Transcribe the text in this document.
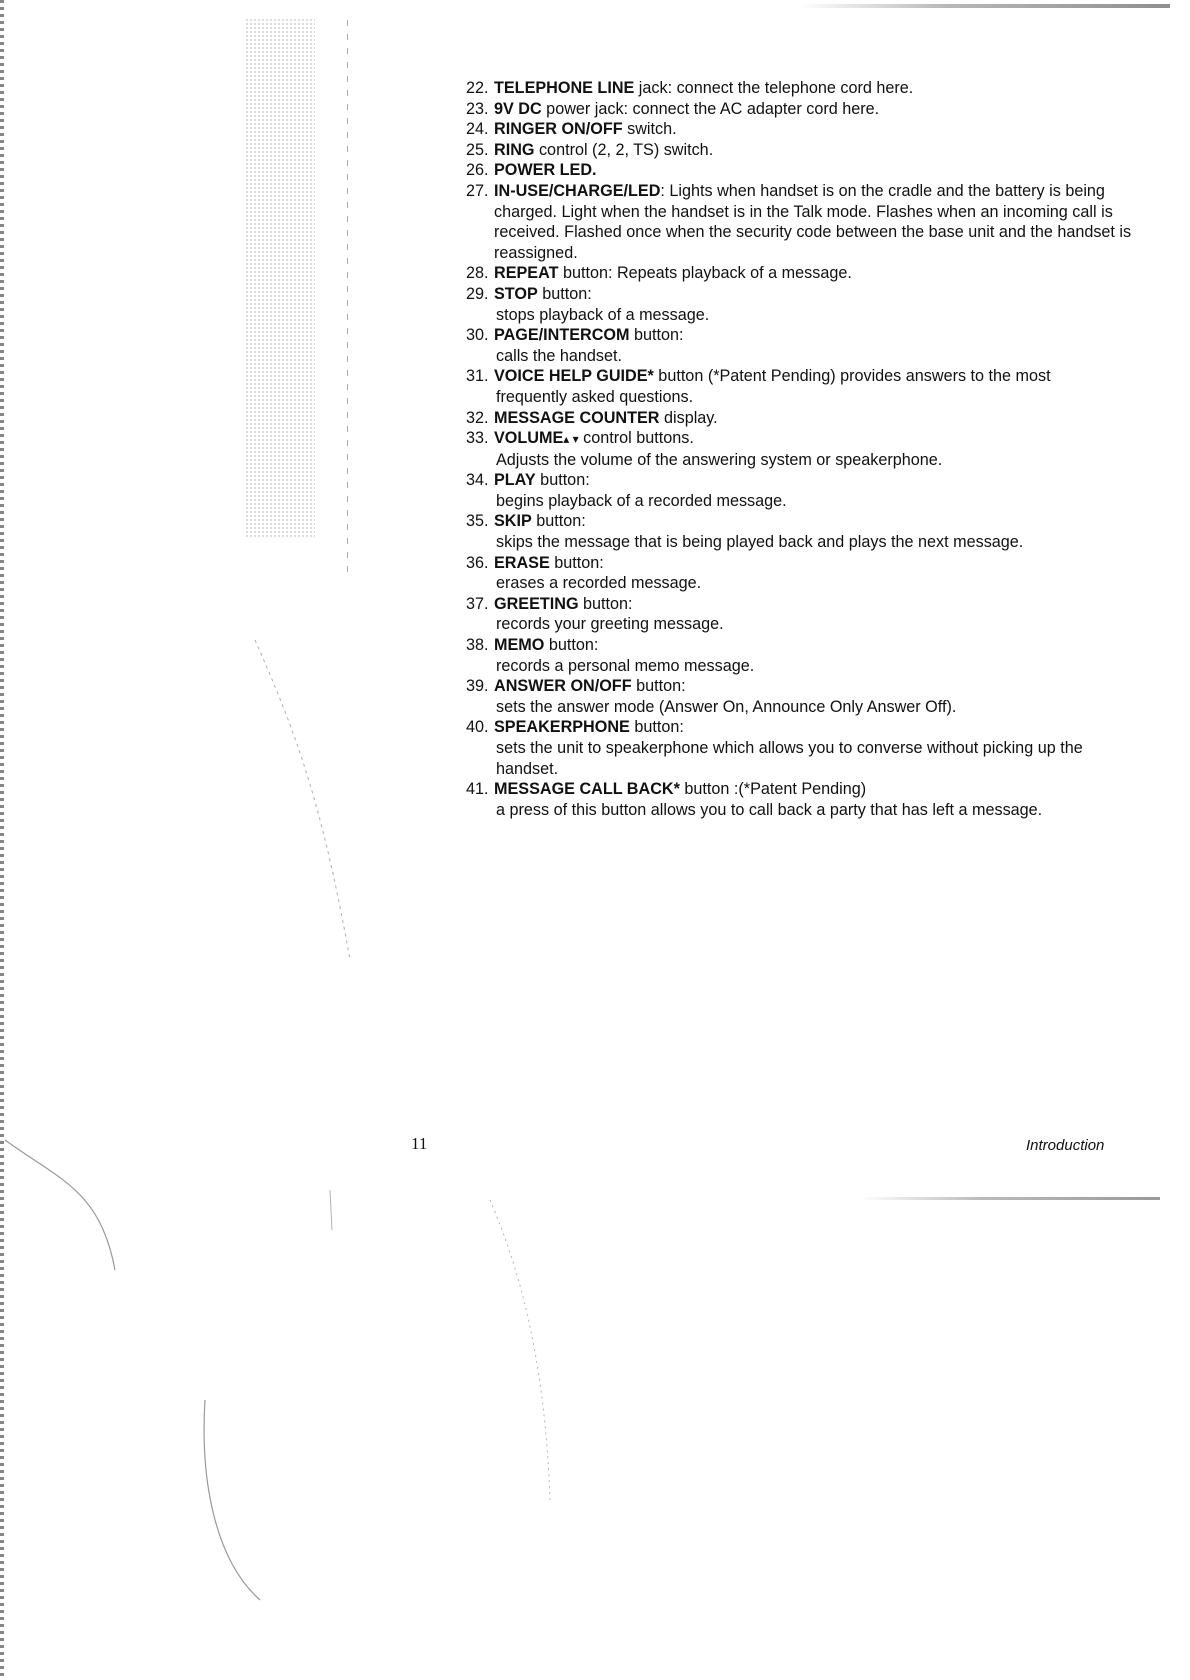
22. TELEPHONE LINE jack: connect the telephone cord here.
23. 9V DC power jack: connect the AC adapter cord here.
24. RINGER ON/OFF switch.
25. RING control (2, 2, TS) switch.
26. POWER LED.
27. IN-USE/CHARGE/LED: Lights when handset is on the cradle and the battery is being charged. Light when the handset is in the Talk mode. Flashes when an incoming call is received. Flashed once when the security code between the base unit and the handset is reassigned.
28. REPEAT button: Repeats playback of a message.
29. STOP button:
stops playback of a message.
30. PAGE/INTERCOM button:
calls the handset.
31. VOICE HELP GUIDE* button (*Patent Pending) provides answers to the most
frequently asked questions.
32. MESSAGE COUNTER display.
33. VOLUME▴ ▾ control buttons.
Adjusts the volume of the answering system or speakerphone.
34. PLAY button:
begins playback of a recorded message.
35. SKIP button:
skips the message that is being played back and plays the next message.
36. ERASE button:
erases a recorded message.
37. GREETING button:
records your greeting message.
38. MEMO button:
records a personal memo message.
39. ANSWER ON/OFF button:
sets the answer mode (Answer On, Announce Only Answer Off).
40. SPEAKERPHONE button:
sets the unit to speakerphone which allows you to converse without picking up the handset.
41. MESSAGE CALL BACK* button :(*Patent Pending)
a press of this button allows you to call back a party that has left a message.
11	Introduction
